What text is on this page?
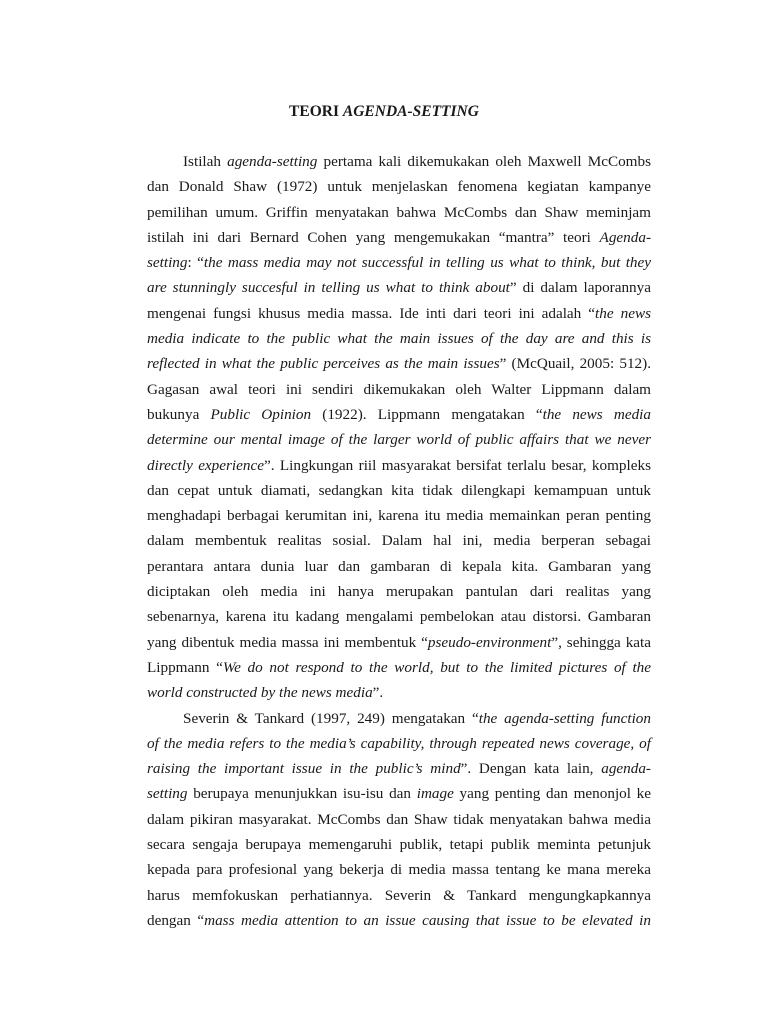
TEORI AGENDA-SETTING
Istilah agenda-setting pertama kali dikemukakan oleh Maxwell McCombs
dan Donald Shaw (1972) untuk menjelaskan fenomena kegiatan kampanye
pemilihan umum. Griffin menyatakan bahwa McCombs dan Shaw meminjam
istilah ini dari Bernard Cohen yang mengemukakan “mantra” teori Agenda-
setting: “the mass media may not successful in telling us what to think, but they
are stunningly succesful in telling us what to think about” di dalam laporannya
mengenai fungsi khusus media massa. Ide inti dari teori ini adalah “the news
media indicate to the public what the main issues of the day are and this is
reflected in what the public perceives as the main issues” (McQuail, 2005: 512).
Gagasan awal teori ini sendiri dikemukakan oleh Walter Lippmann dalam
bukunya Public Opinion (1922). Lippmann mengatakan “the news media
determine our mental image of the larger world of public affairs that we never
directly experience”. Lingkungan riil masyarakat bersifat terlalu besar, kompleks
dan cepat untuk diamati, sedangkan kita tidak dilengkapi kemampuan untuk
menghadapi berbagai kerumitan ini, karena itu media memainkan peran penting
dalam membentuk realitas sosial. Dalam hal ini, media berperan sebagai
perantara antara dunia luar dan gambaran di kepala kita. Gambaran yang
diciptakan oleh media ini hanya merupakan pantulan dari realitas yang
sebenarnya, karena itu kadang mengalami pembelokan atau distorsi. Gambaran
yang dibentuk media massa ini membentuk “pseudo-environment”, sehingga kata
Lippmann “We do not respond to the world, but to the limited pictures of the
world constructed by the news media”.
Severin & Tankard (1997, 249) mengatakan “the agenda-setting function
of the media refers to the media’s capability, through repeated news coverage, of
raising the important issue in the public’s mind”. Dengan kata lain, agenda-
setting berupaya menunjukkan isu-isu dan image yang penting dan menonjol ke
dalam pikiran masyarakat. McCombs dan Shaw tidak menyatakan bahwa media
secara sengaja berupaya memengaruhi publik, tetapi publik meminta petunjuk
kepada para profesional yang bekerja di media massa tentang ke mana mereka
harus memfokuskan perhatiannya. Severin & Tankard mengungkapkannya
dengan “mass media attention to an issue causing that issue to be elevated in
